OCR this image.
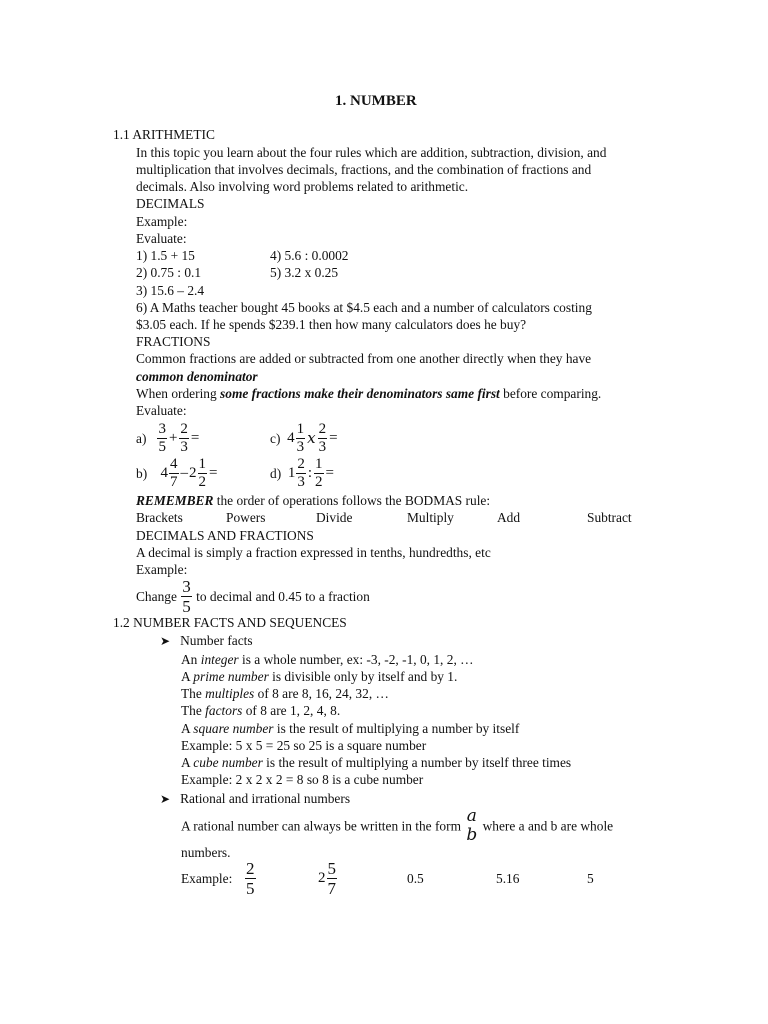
1. NUMBER
1.1 ARITHMETIC
In this topic you learn about the four rules which are addition, subtraction, division, and
multiplication that involves decimals, fractions, and the combination of fractions and
decimals. Also involving word problems related to arithmetic.
DECIMALS
Example:
Evaluate:
1) 1.5 + 15	4) 5.6 : 0.0002
2) 0.75 : 0.1	5) 3.2 x 0.25
3) 15.6 – 2.4
6) A Maths teacher bought 45 books at $4.5 each and a number of calculators costing
$3.05 each. If he spends $239.1 then how many calculators does he buy?
FRACTIONS
Common fractions are added or subtracted from one another directly when they have
common denominator
When ordering some fractions make their denominators same first before comparing.
Evaluate:
$a) \frac{3}{5} + \frac{2}{3}$ =	c) $4 \frac{1}{3}$ x $\frac{2}{3}$ =
b) $4 \frac{4}{7} -2 \frac{1}{2}$ =	d) $1 \frac{2}{3}$ : $\frac{1}{2}$ =
REMEMBER the order of operations follows the BODMAS rule:
Brackets	Powers	Divide	Multiply	Add	Subtract
DECIMALS AND FRACTIONS
A decimal is simply a fraction expressed in tenths, hundredths, etc
Example:
Change $\frac{3}{5}$ to decimal and 0.45 to a fraction
1.2 NUMBER FACTS AND SEQUENCES
➤ Number facts
An integer is a whole number, ex: -3, -2, -1, 0, 1, 2, …
A prime number is divisible only by itself and by 1.
The multiples of 8 are 8, 16, 24, 32, …
The factors of 8 are 1, 2, 4, 8.
A square number is the result of multiplying a number by itself
Example: 5 x 5 = 25 so 25 is a square number
A cube number is the result of multiplying a number by itself three times
Example: 2 x 2 x 2 = 8 so 8 is a cube number
➤ Rational and irrational numbers
A rational number can always be written in the form a
b where a and b are whole
numbers.
Example: $\frac{2}{5}$	$2 \frac{5}{7}$	0.5	5.16	5
